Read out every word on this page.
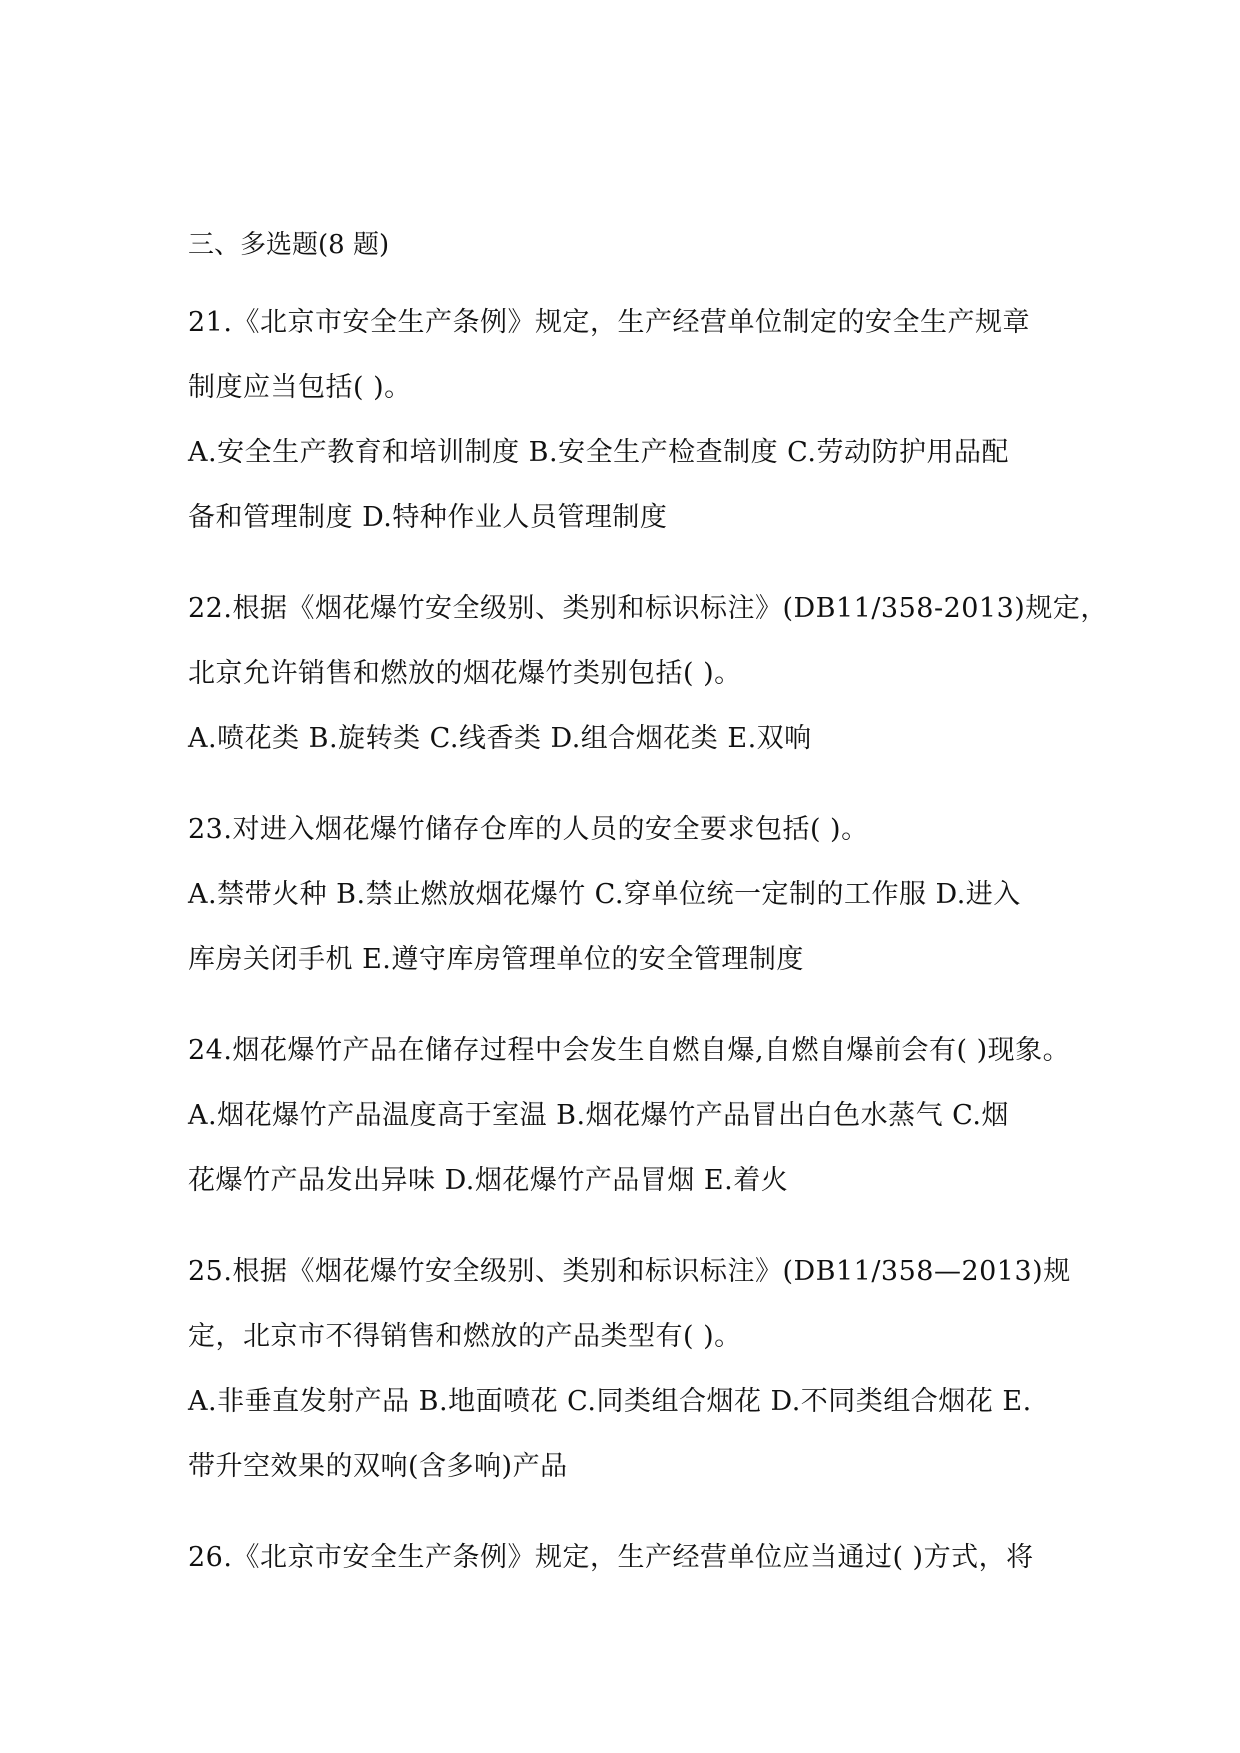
三、多选题(8 题)

21.《北京市安全生产条例》规定，生产经营单位制定的安全生产规章

制度应当包括( )。

A.安全生产教育和培训制度 B.安全生产检查制度 C.劳动防护用品配

备和管理制度 D.特种作业人员管理制度

22.根据《烟花爆竹安全级别、类别和标识标注》(DB11/358-2013)规定，

北京允许销售和燃放的烟花爆竹类别包括( )。

A.喷花类 B.旋转类 C.线香类 D.组合烟花类 E.双响

23.对进入烟花爆竹储存仓库的人员的安全要求包括( )。

A.禁带火种 B.禁止燃放烟花爆竹 C.穿单位统一定制的工作服 D.进入

库房关闭手机 E.遵守库房管理单位的安全管理制度

24.烟花爆竹产品在储存过程中会发生自燃自爆,自燃自爆前会有( )现象。

A.烟花爆竹产品温度高于室温 B.烟花爆竹产品冒出白色水蒸气 C.烟

花爆竹产品发出异味 D.烟花爆竹产品冒烟 E.着火

25.根据《烟花爆竹安全级别、类别和标识标注》(DB11/358—2013)规

定，北京市不得销售和燃放的产品类型有( )。

A.非垂直发射产品 B.地面喷花 C.同类组合烟花 D.不同类组合烟花 E.

带升空效果的双响(含多响)产品

26.《北京市安全生产条例》规定，生产经营单位应当通过( )方式，将
